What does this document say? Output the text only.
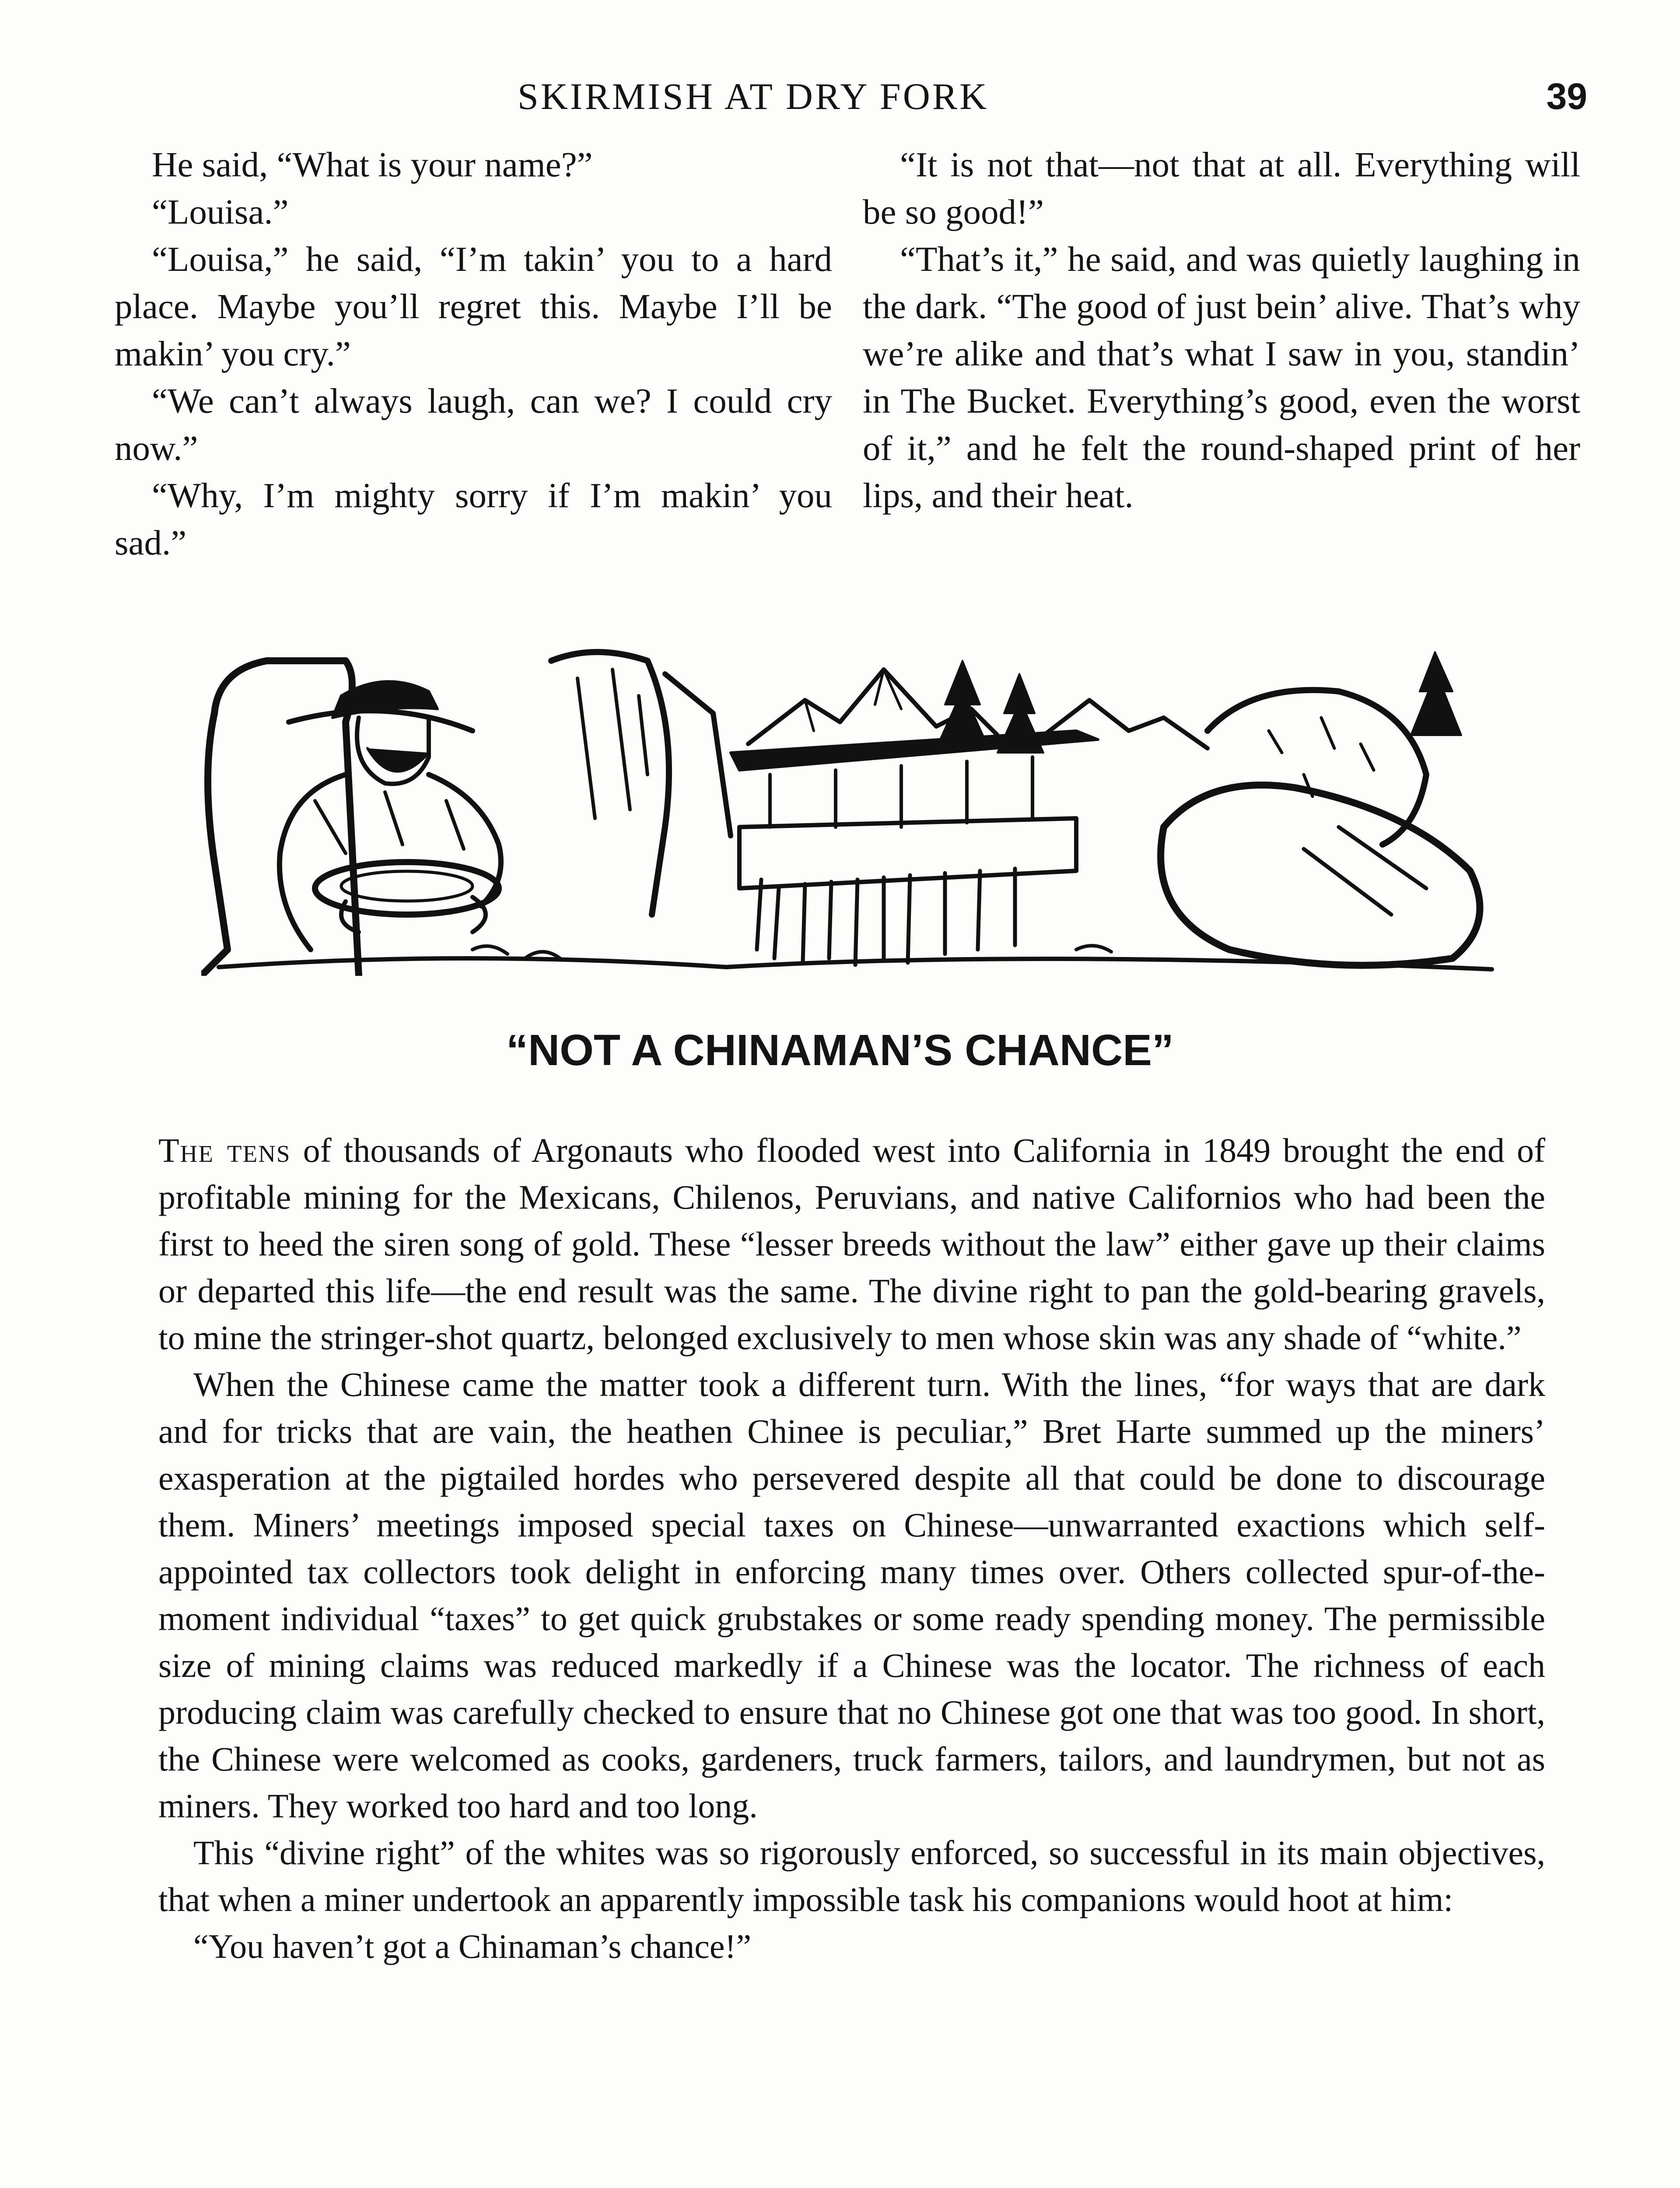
SKIRMISH AT DRY FORK	39

He said, “What is your name?”

“Louisa.”

“Louisa,” he said, “I’m takin’ you to a hard place. Maybe you’ll regret this. Maybe I’ll be makin’ you cry.”

“We can’t always laugh, can we? I could cry now.”

“Why, I’m mighty sorry if I’m makin’ you sad.”

“It is not that—not that at all. Everything will be so good!”

“That’s it,” he said, and was quietly laughing in the dark. “The good of just bein’ alive. That’s why we’re alike and that’s what I saw in you, standin’ in The Bucket. Everything’s good, even the worst of it,” and he felt the round-shaped print of her lips, and their heat.

“NOT A CHINAMAN’S CHANCE”

The tens of thousands of Argonauts who flooded west into California in 1849 brought the end of profitable mining for the Mexicans, Chilenos, Peruvians, and native Californios who had been the first to heed the siren song of gold. These “lesser breeds without the law” either gave up their claims or departed this life—the end result was the same. The divine right to pan the gold-bearing gravels, to mine the stringer-shot quartz, belonged exclusively to men whose skin was any shade of “white.”

When the Chinese came the matter took a different turn. With the lines, “for ways that are dark and for tricks that are vain, the heathen Chinee is peculiar,” Bret Harte summed up the miners’ exasperation at the pigtailed hordes who persevered despite all that could be done to discourage them. Miners’ meetings imposed special taxes on Chinese—unwarranted exactions which self-appointed tax collectors took delight in enforcing many times over. Others collected spur-of-the-moment individual “taxes” to get quick grubstakes or some ready spending money. The permissible size of mining claims was reduced markedly if a Chinese was the locator. The richness of each producing claim was carefully checked to ensure that no Chinese got one that was too good. In short, the Chinese were welcomed as cooks, gardeners, truck farmers, tailors, and laundrymen, but not as miners. They worked too hard and too long.

This “divine right” of the whites was so rigorously enforced, so successful in its main objectives, that when a miner undertook an apparently impossible task his companions would hoot at him:

“You haven’t got a Chinaman’s chance!”
